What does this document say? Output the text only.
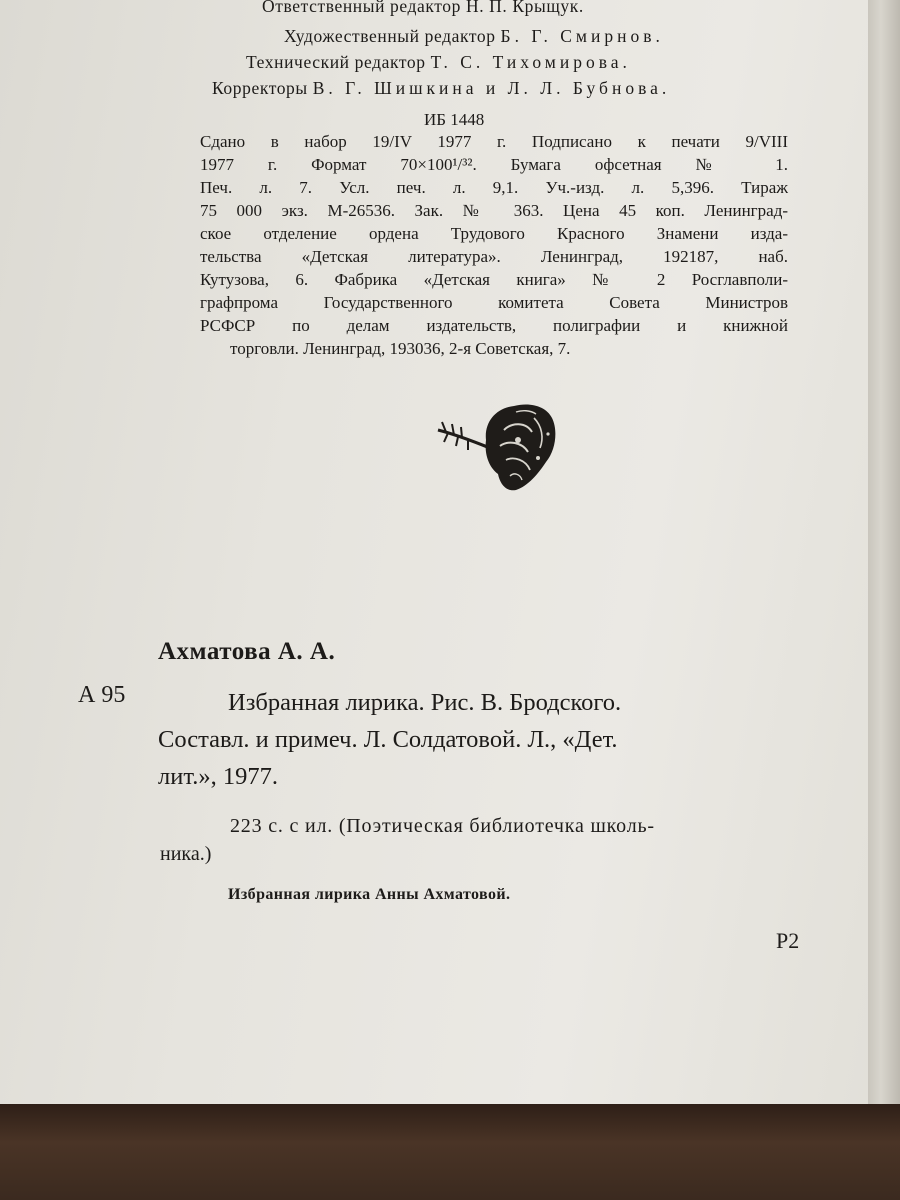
Ответственный редактор Н. П. Крыщук.
Художественный редактор Б. Г. Смирнов.
Технический редактор Т. С. Тихомирова.
Корректоры В. Г. Шишкина и Л. Л. Бубнова.
ИБ 1448
Сдано в набор 19/IV 1977 г. Подписано к печати 9/VIII
1977 г. Формат 70×100¹/³². Бумага офсетная № 1.
Печ. л. 7. Усл. печ. л. 9,1. Уч.-изд. л. 5,396. Тираж
75 000 экз. М-26536. Зак. № 363. Цена 45 коп. Ленинград-
ское отделение ордена Трудового Красного Знамени изда-
тельства «Детская литература». Ленинград, 192187, наб.
Кутузова, 6. Фабрика «Детская книга» № 2 Росглавполи-
графпрома Государственного комитета Совета Министров
РСФСР по делам издательств, полиграфии и книжной
торговли. Ленинград, 193036, 2-я Советская, 7.
Ахматова А. А.
А 95	Избранная лирика. Рис. В. Бродского.
Составл. и примеч. Л. Солдатовой. Л., «Дет.
лит.», 1977.
223 с. с ил. (Поэтическая библиотечка школь-
ника.)
Избранная лирика Анны Ахматовой.
Р2
